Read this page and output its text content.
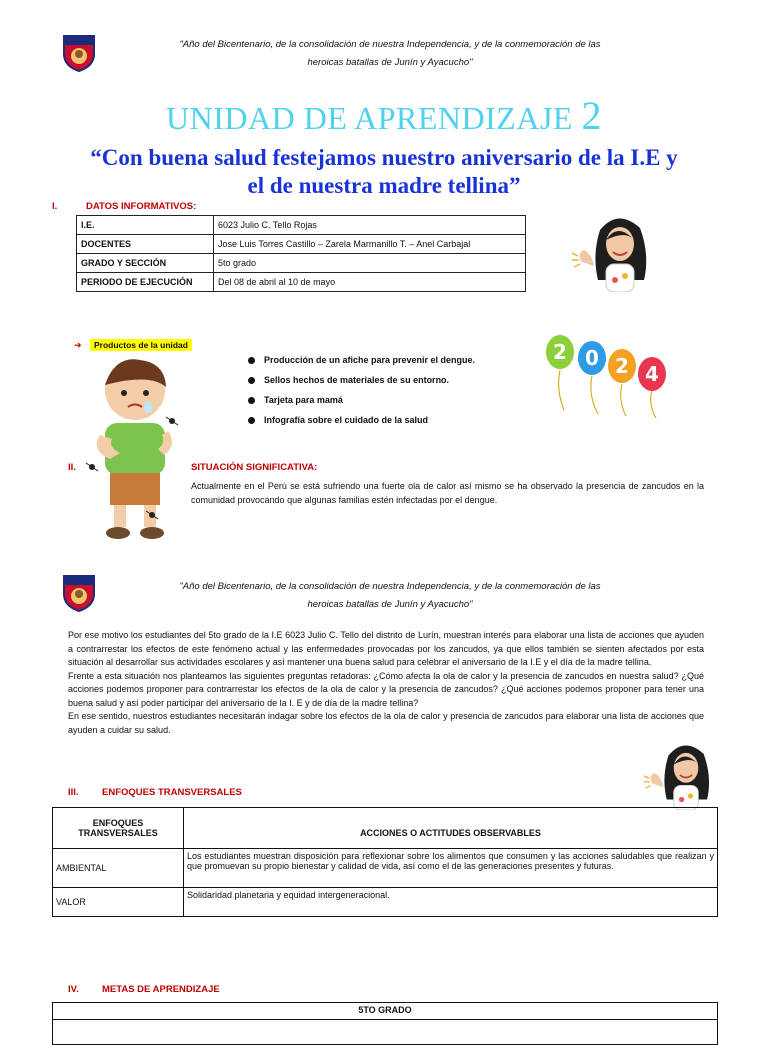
"Año del Bicentenario, de la consolidación de nuestra Independencia, y de la conmemoración de las
heroicas batallas de Junín y Ayacucho"
UNIDAD DE APRENDIZAJE 2
“Con buena salud festejamos nuestro aniversario de la I.E y
el de nuestra madre tellina”
I.	DATOS INFORMATIVOS:
I.E.	6023 Julio C. Tello Rojas
DOCENTES	Jose Luis Torres Castillo – Zarela Marmanillo T. – Anel Carbajal
GRADO Y SECCIÓN	5to grado
PERIODO DE EJECUCIÓN	Del 08 de abril al 10 de mayo
➜ Productos de la unidad
Producción de un afiche para prevenir el dengue.
Sellos hechos de materiales de su entorno.
Tarjeta para mamá
Infografía sobre el cuidado de la salud
2 0 2 4
II.	SITUACIÓN SIGNIFICATIVA:
Actualmente en el Perú se está sufriendo una fuerte ola de calor así mismo se ha observado la presencia de zancudos en la comunidad provocando que algunas familias estén infectadas por el dengue.
"Año del Bicentenario, de la consolidación de nuestra Independencia, y de la conmemoración de las
heroicas batallas de Junín y Ayacucho"
Por ese motivo los estudiantes del 5to grado de la I.E 6023 Julio C. Tello del distrito de Lurín, muestran interés para elaborar una lista de acciones que ayuden a contrarrestar los efectos de este fenómeno actual y las enfermedades provocadas por los zancudos, ya que ellos también se sienten afectados por esta situación al desarrollar sus actividades escolares y así mantener una buena salud para celebrar el aniversario de la I.E y el día de la madre tellina.
Frente a esta situación nos planteamos las siguientes preguntas retadoras: ¿Cómo afecta la ola de calor y la presencia de zancudos en nuestra salud? ¿Qué acciones podemos proponer para contrarrestar los efectos de la ola de calor y la presencia de zancudos? ¿Qué acciones podemos proponer para tener una buena salud y así poder participar del aniversario de la I. E y de día de la madre tellina?
En ese sentido, nuestros estudiantes necesitarán indagar sobre los efectos de la ola de calor y presencia de zancudos para elaborar una lista de acciones que ayuden a cuidar su salud.
III. ENFOQUES TRANSVERSALES
ENFOQUES TRANSVERSALES	ACCIONES O ACTITUDES OBSERVABLES
AMBIENTAL	Los estudiantes muestran disposición para reflexionar sobre los alimentos que consumen y las acciones saludables que realizan y que promuevan su propio bienestar y calidad de vida, así como el de las generaciones presentes y futuras.
VALOR	Solidaridad planetaria y equidad intergeneracional.
IV. METAS DE APRENDIZAJE
5TO GRADO
